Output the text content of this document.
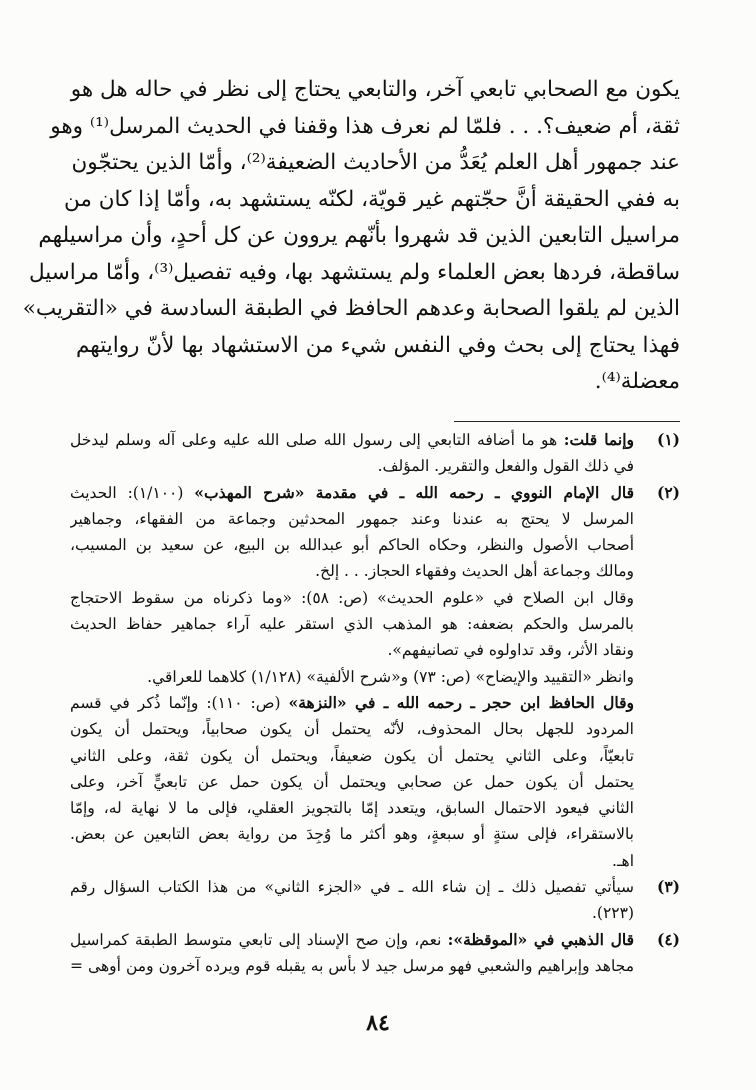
يكون مع الصحابي تابعي آخر، والتابعي يحتاج إلى نظر في حاله هل هو
ثقة، أم ضعيف؟. . . فلمّا لم نعرف هذا وقفنا في الحديث المرسل⁽¹⁾ وهو
عند جمهور أهل العلم يُعَدُّ من الأحاديث الضعيفة⁽²⁾، وأمّا الذين يحتجّون
به ففي الحقيقة أنَّ حجّتهم غير قويّة، لكنّه يستشهد به، وأمّا إذا كان من
مراسيل التابعين الذين قد شهروا بأنّهم يروون عن كل أحدٍ، وأن مراسيلهم
ساقطة، فردها بعض العلماء ولم يستشهد بها، وفيه تفصيل⁽³⁾، وأمّا مراسيل
الذين لم يلقوا الصحابة وعدهم الحافظ في الطبقة السادسة في «التقريب»
فهذا يحتاج إلى بحث وفي النفس شيء من الاستشهاد بها لأنّ روايتهم
معضلة⁽⁴⁾.

(١)
وإنما قلت: هو ما أضافه التابعي إلى رسول الله صلى الله عليه وعلى آله وسلم ليدخل
في ذلك القول والفعل والتقرير. المؤلف.
(٢)
قال الإمام النووي ـ رحمه الله ـ في مقدمة «شرح المهذب» (١/١٠٠): الحديث
المرسل لا يحتج به عندنا وعند جمهور المحدثين وجماعة من الفقهاء، وجماهير
أصحاب الأصول والنظر، وحكاه الحاكم أبو عبدالله بن البيع، عن سعيد بن المسيب،
ومالك وجماعة أهل الحديث وفقهاء الحجاز. . . إلخ.
وقال ابن الصلاح في «علوم الحديث» (ص: ٥٨): «وما ذكرناه من سقوط الاحتجاج
بالمرسل والحكم بضعفه: هو المذهب الذي استقر عليه آراء جماهير حفاظ الحديث
ونقاد الأثر، وقد تداولوه في تصانيفهم».
وانظر «التقييد والإيضاح» (ص: ٧٣) و«شرح الألفية» (١/١٢٨) كلاهما للعراقي.
وقال الحافظ ابن حجر ـ رحمه الله ـ في «النزهة» (ص: ١١٠): وإنّما ذُكر في قسم
المردود للجهل بحال المحذوف، لأنّه يحتمل أن يكون صحابياً، ويحتمل أن يكون
تابعيّاً، وعلى الثاني يحتمل أن يكون ضعيفاً، ويحتمل أن يكون ثقة، وعلى الثاني
يحتمل أن يكون حمل عن صحابي ويحتمل أن يكون حمل عن تابعيٍّ آخر، وعلى
الثاني فيعود الاحتمال السابق، ويتعدد إمّا بالتجويز العقلي، فإلى ما لا نهاية له، وإمّا
بالاستقراء، فإلى ستةٍ أو سبعةٍ، وهو أكثر ما وُجِدَ من رواية بعض التابعين عن بعض.
اهـ.
(٣)
سيأتي تفصيل ذلك ـ إن شاء الله ـ في «الجزء الثاني» من هذا الكتاب السؤال رقم
(٢٢٣).
(٤)
قال الذهبي في «الموقظة»: نعم، وإن صح الإسناد إلى تابعي متوسط الطبقة كمراسيل
مجاهد وإبراهيم والشعبي فهو مرسل جيد لا بأس به يقبله قوم ويرده آخرون ومن أوهى =
٨٤
